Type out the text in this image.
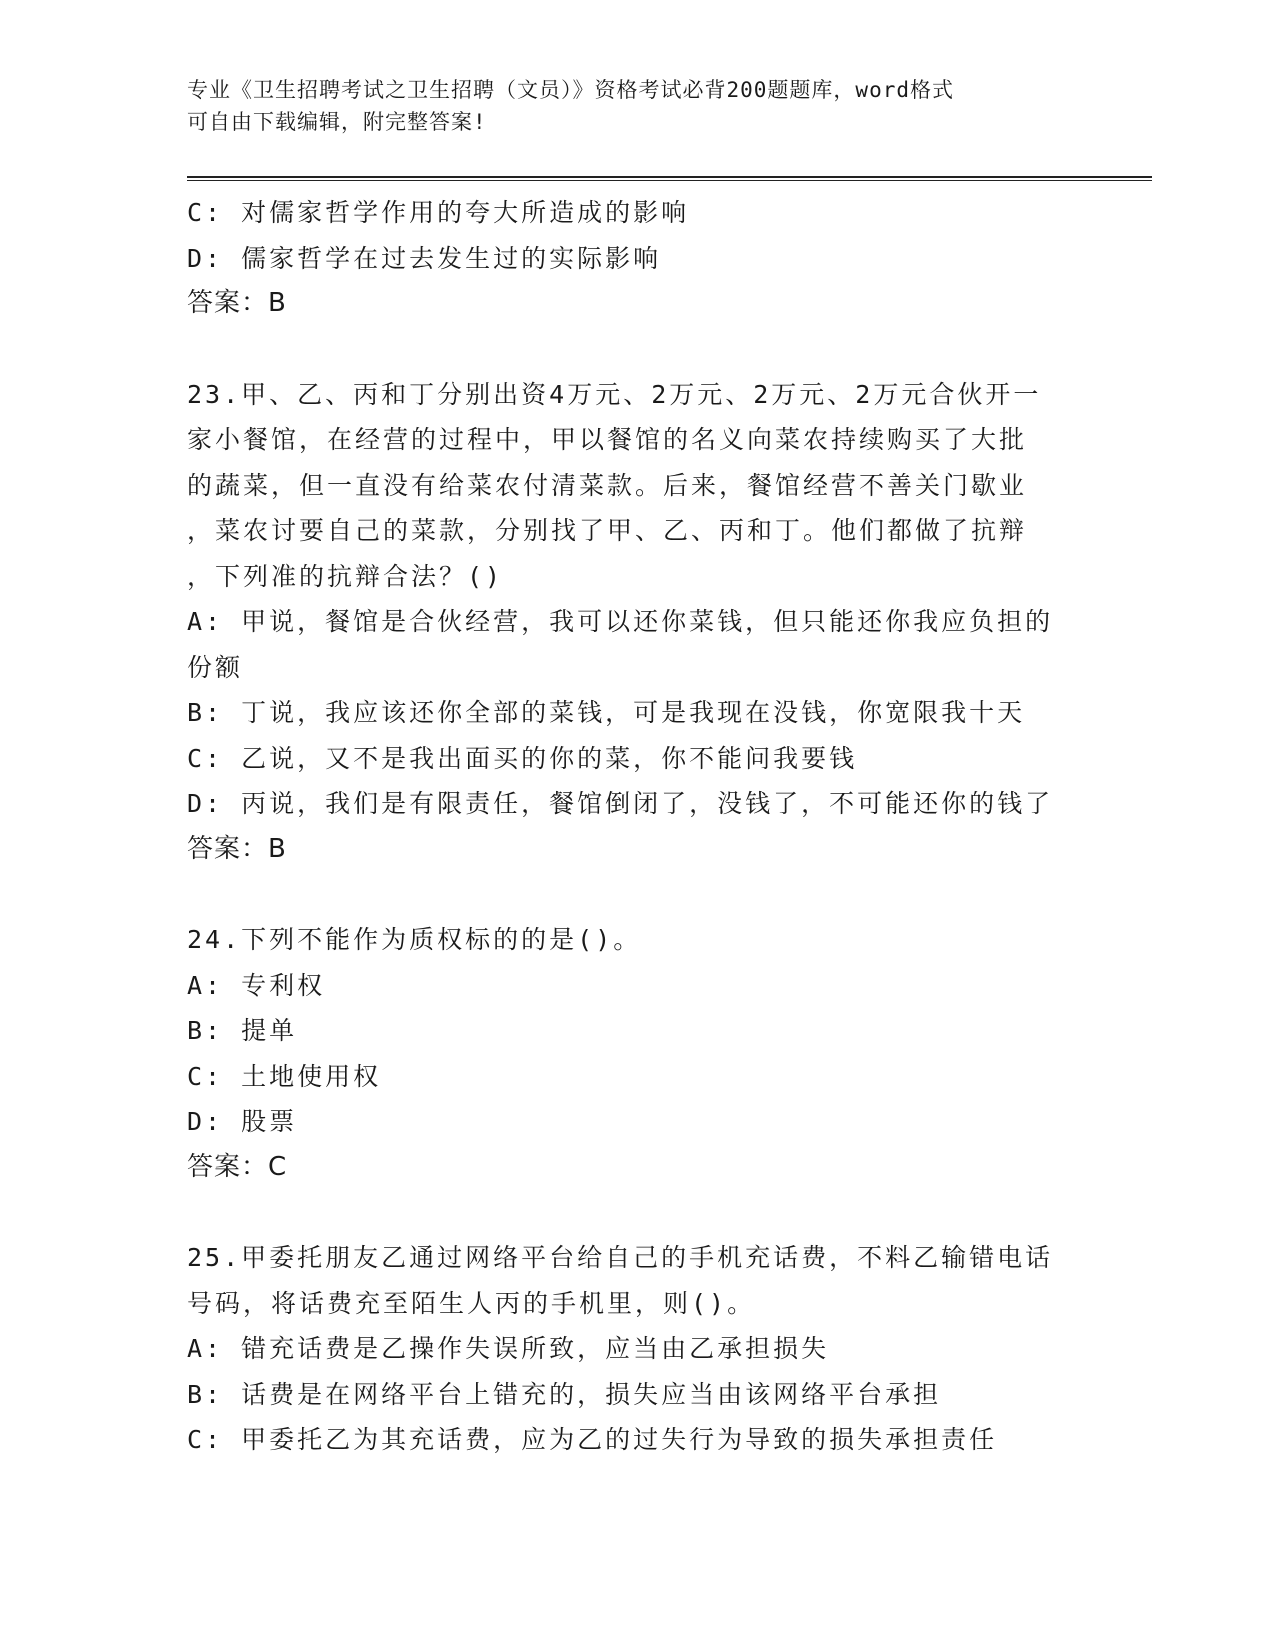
专业《卫生招聘考试之卫生招聘（文员）》资格考试必背200题题库，word格式
可自由下载编辑，附完整答案!
C: 对儒家哲学作用的夸大所造成的影响
D: 儒家哲学在过去发生过的实际影响
答案：B
23.甲、乙、丙和丁分别出资4万元、2万元、2万元、2万元合伙开一
家小餐馆，在经营的过程中，甲以餐馆的名义向菜农持续购买了大批
的蔬菜，但一直没有给菜农付清菜款。后来，餐馆经营不善关门歇业
，菜农讨要自己的菜款，分别找了甲、乙、丙和丁。他们都做了抗辩
，下列准的抗辩合法？()
A: 甲说，餐馆是合伙经营，我可以还你菜钱，但只能还你我应负担的
份额
B: 丁说，我应该还你全部的菜钱，可是我现在没钱，你宽限我十天
C: 乙说，又不是我出面买的你的菜，你不能问我要钱
D: 丙说，我们是有限责任，餐馆倒闭了，没钱了，不可能还你的钱了
答案：B
24.下列不能作为质权标的的是()。
A: 专利权
B: 提单
C: 土地使用权
D: 股票
答案：C
25.甲委托朋友乙通过网络平台给自己的手机充话费，不料乙输错电话
号码，将话费充至陌生人丙的手机里，则()。
A: 错充话费是乙操作失误所致，应当由乙承担损失
B: 话费是在网络平台上错充的，损失应当由该网络平台承担
C: 甲委托乙为其充话费，应为乙的过失行为导致的损失承担责任
